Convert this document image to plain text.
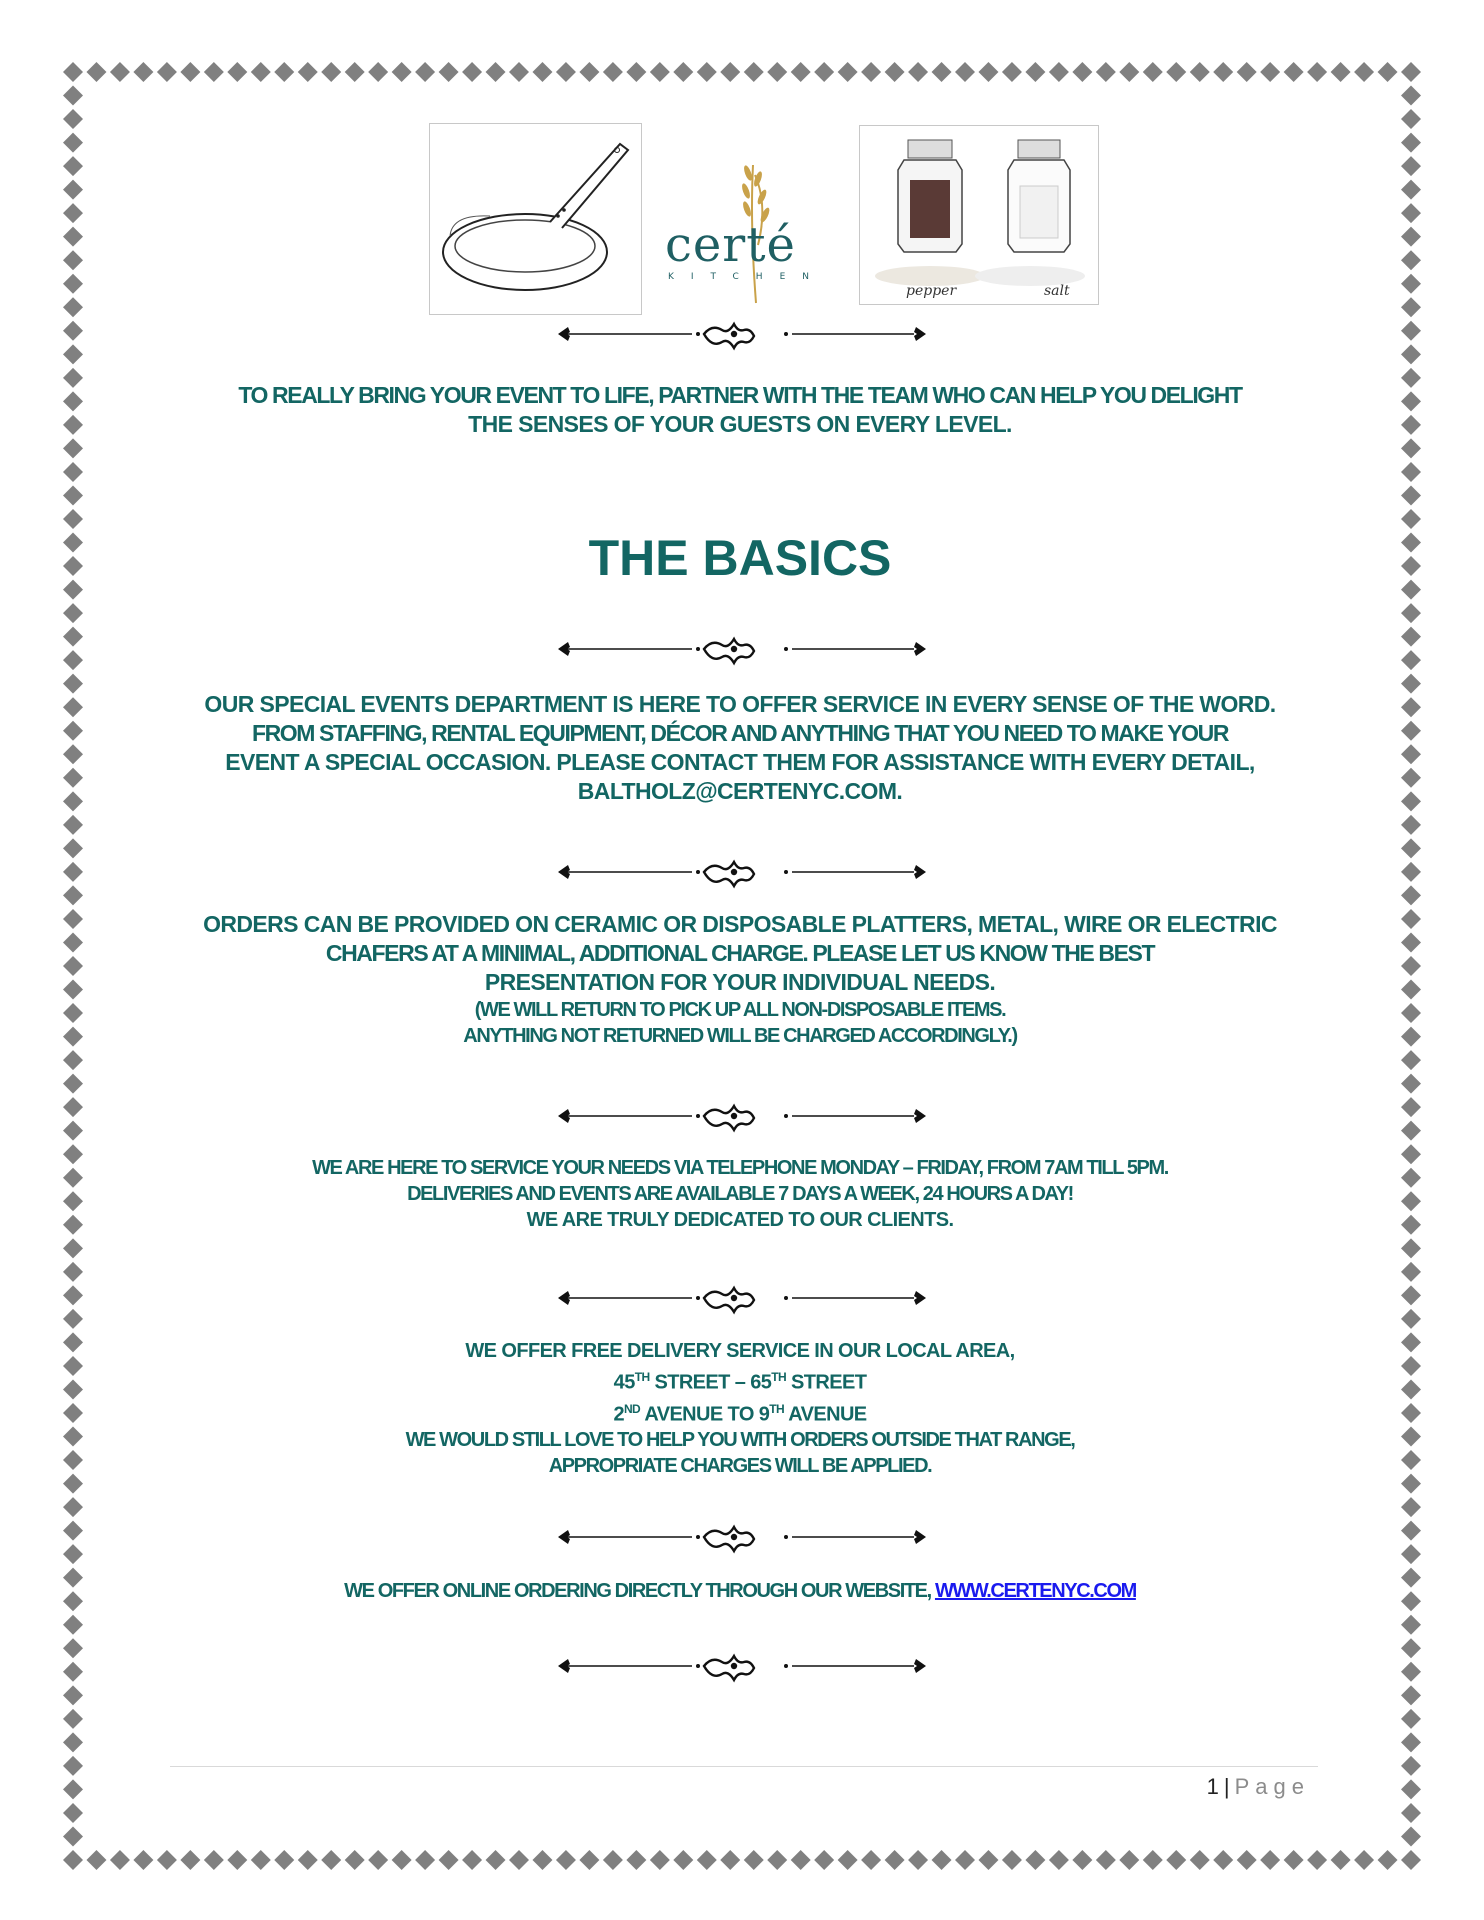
certé
KITCHEN
pepper	salt

TO REALLY BRING YOUR EVENT TO LIFE, PARTNER WITH THE TEAM WHO CAN HELP YOU DELIGHT

THE SENSES OF YOUR GUESTS ON EVERY LEVEL.

THE BASICS

OUR SPECIAL EVENTS DEPARTMENT IS HERE TO OFFER SERVICE IN EVERY SENSE OF THE WORD.

FROM STAFFING, RENTAL EQUIPMENT, DÉCOR AND ANYTHING THAT YOU NEED TO MAKE YOUR

EVENT A SPECIAL OCCASION. PLEASE CONTACT THEM FOR ASSISTANCE WITH EVERY DETAIL,

BALTHOLZ@CERTENYC.COM.

ORDERS CAN BE PROVIDED ON CERAMIC OR DISPOSABLE PLATTERS, METAL, WIRE OR ELECTRIC

CHAFERS AT A MINIMAL, ADDITIONAL CHARGE. PLEASE LET US KNOW THE BEST

PRESENTATION FOR YOUR INDIVIDUAL NEEDS.

(WE WILL RETURN TO PICK UP ALL NON-DISPOSABLE ITEMS.

ANYTHING NOT RETURNED WILL BE CHARGED ACCORDINGLY.)

WE ARE HERE TO SERVICE YOUR NEEDS VIA TELEPHONE MONDAY – FRIDAY, FROM 7AM TILL 5PM.

DELIVERIES AND EVENTS ARE AVAILABLE 7 DAYS A WEEK, 24 HOURS A DAY!

WE ARE TRULY DEDICATED TO OUR CLIENTS.

WE OFFER FREE DELIVERY SERVICE IN OUR LOCAL AREA,

45TH STREET – 65TH STREET

2ND AVENUE TO 9TH AVENUE

WE WOULD STILL LOVE TO HELP YOU WITH ORDERS OUTSIDE THAT RANGE,

APPROPRIATE CHARGES WILL BE APPLIED.

WE OFFER ONLINE ORDERING DIRECTLY THROUGH OUR WEBSITE, WWW.CERTENYC.COM

1 | Page
